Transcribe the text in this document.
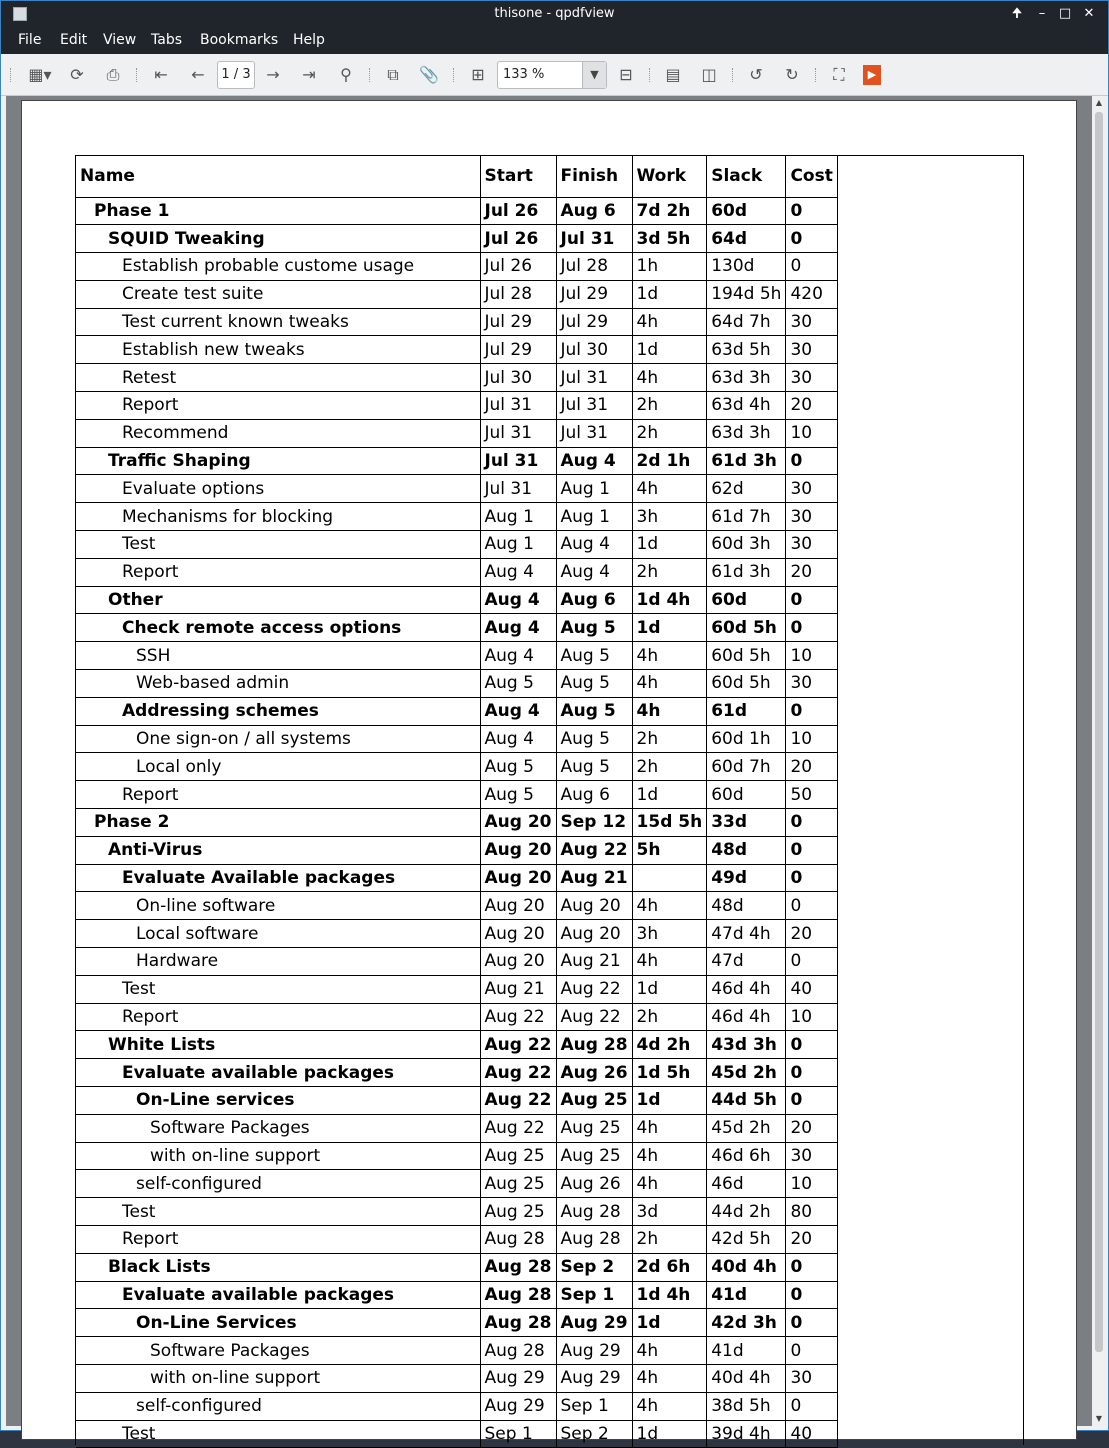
thisone - qpdfview	🠉	–	□ ✕
File Edit View Tabs Bookmarks Help
▦▾	⟳	⎙	⇤	←	1 / 3 →	⇥	⚲	⧉	📎	⊞	133 %	▼	⊟	▤ ◫	↺	↻	⛶	▶
Name	Start	Finish	Work	Slack	Cost
Phase 1	Jul 26	Aug 6	7d 2h	60d	0
SQUID Tweaking	Jul 26	Jul 31	3d 5h	64d	0
Establish probable custome usage	Jul 26	Jul 28	1h	130d	0
Create test suite	Jul 28	Jul 29	1d	194d 5h	420
Test current known tweaks	Jul 29	Jul 29	4h	64d 7h	30
Establish new tweaks	Jul 29	Jul 30	1d	63d 5h	30
Retest	Jul 30	Jul 31	4h	63d 3h	30
Report	Jul 31	Jul 31	2h	63d 4h	20
Recommend	Jul 31	Jul 31	2h	63d 3h	10
Traffic Shaping	Jul 31	Aug 4	2d 1h	61d 3h	0
Evaluate options	Jul 31	Aug 1	4h	62d	30
Mechanisms for blocking	Aug 1	Aug 1	3h	61d 7h	30
Test	Aug 1	Aug 4	1d	60d 3h	30
Report	Aug 4	Aug 4	2h	61d 3h	20
Other	Aug 4	Aug 6	1d 4h	60d	0
Check remote access options	Aug 4	Aug 5	1d	60d 5h	0
SSH	Aug 4	Aug 5	4h	60d 5h	10
Web-based admin	Aug 5	Aug 5	4h	60d 5h	30
Addressing schemes	Aug 4	Aug 5	4h	61d	0
One sign-on / all systems	Aug 4	Aug 5	2h	60d 1h	10
Local only	Aug 5	Aug 5	2h	60d 7h	20
Report	Aug 5	Aug 6	1d	60d	50
Phase 2	Aug 20	Sep 12	15d 5h	33d	0
Anti-Virus	Aug 20	Aug 22	5h	48d	0
Evaluate Available packages	Aug 20	Aug 21		49d	0
On-line software	Aug 20	Aug 20	4h	48d	0
Local software	Aug 20	Aug 20	3h	47d 4h	20
Hardware	Aug 20	Aug 21	4h	47d	0
Test	Aug 21	Aug 22	1d	46d 4h	40
Report	Aug 22	Aug 22	2h	46d 4h	10
White Lists	Aug 22	Aug 28	4d 2h	43d 3h	0
Evaluate available packages	Aug 22	Aug 26	1d 5h	45d 2h	0
On-Line services	Aug 22	Aug 25	1d	44d 5h	0
Software Packages	Aug 22	Aug 25	4h	45d 2h	20
with on-line support	Aug 25	Aug 25	4h	46d 6h	30
self-configured	Aug 25	Aug 26	4h	46d	10
Test	Aug 25	Aug 28	3d	44d 2h	80
Report	Aug 28	Aug 28	2h	42d 5h	20
Black Lists	Aug 28	Sep 2	2d 6h	40d 4h	0
Evaluate available packages	Aug 28	Sep 1	1d 4h	41d	0
On-Line Services	Aug 28	Aug 29	1d	42d 3h	0
Software Packages	Aug 28	Aug 29	4h	41d	0
with on-line support	Aug 29	Aug 29	4h	40d 4h	30
self-configured	Aug 29	Sep 1	4h	38d 5h	0
Test	Sep 1	Sep 2	1d	39d 4h	40
▲
▼
